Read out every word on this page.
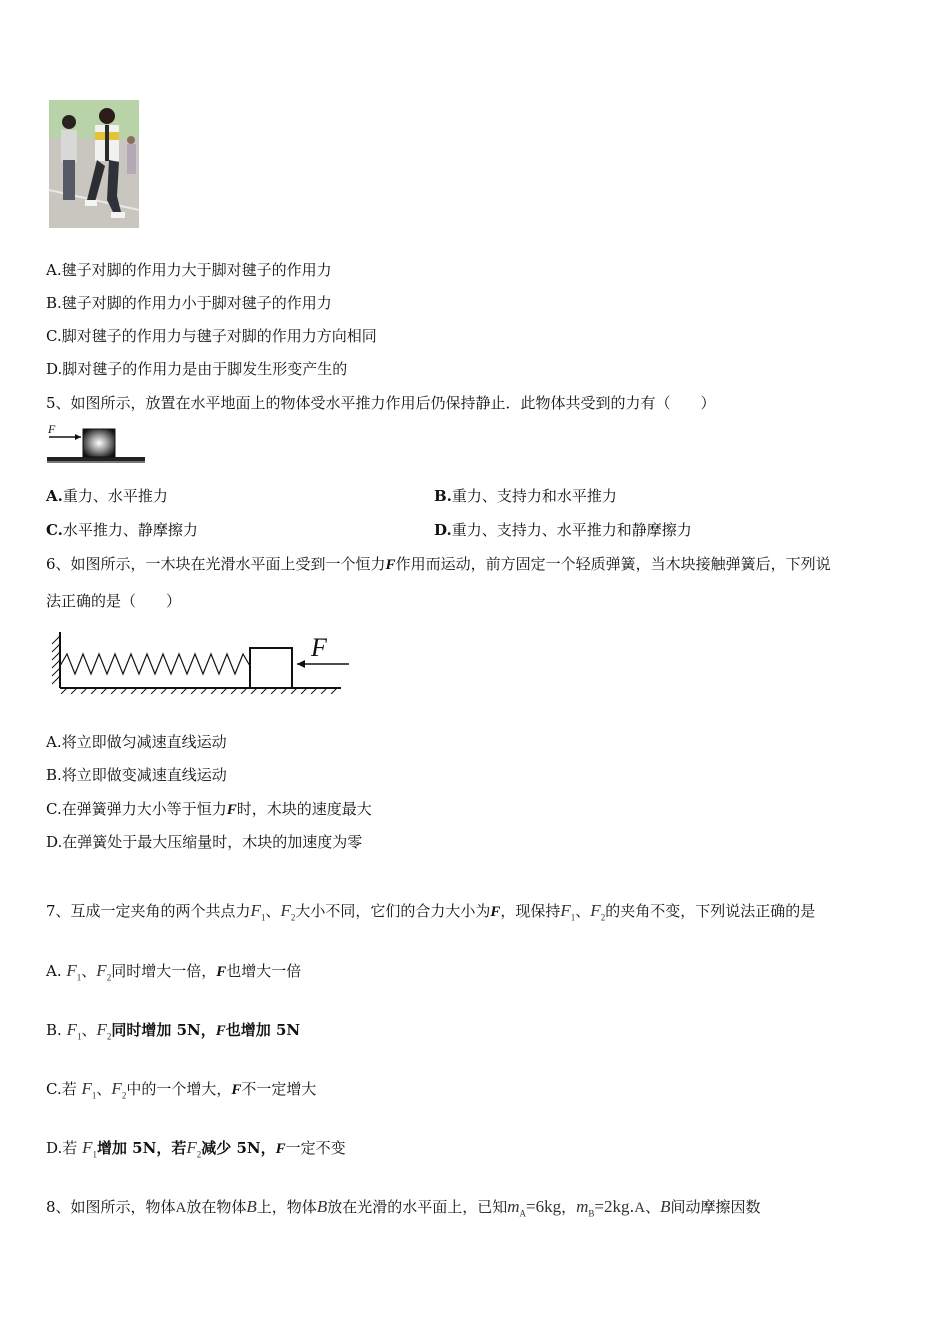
A.毽子对脚的作用力大于脚对毽子的作用力
B.毽子对脚的作用力小于脚对毽子的作用力
C.脚对毽子的作用力与毽子对脚的作用力方向相同
D.脚对毽子的作用力是由于脚发生形变产生的
5、如图所示，放置在水平地面上的物体受水平推力作用后仍保持静止．此物体共受到的力有（　　）
F
A.重力、水平推力	B.重力、支持力和水平推力
C.水平推力、静摩擦力	D.重力、支持力、水平推力和静摩擦力
6、如图所示，一木块在光滑水平面上受到一个恒力F作用而运动，前方固定一个轻质弹簧，当木块接触弹簧后，下列说
法正确的是（　　）
F
A.将立即做匀减速直线运动
B.将立即做变减速直线运动
C.在弹簧弹力大小等于恒力F时，木块的速度最大
D.在弹簧处于最大压缩量时，木块的加速度为零
7、互成一定夹角的两个共点力$F_1$、$F_2$大小不同，它们的合力大小为F，现保持$F_1$、$F_2$的夹角不变，下列说法正确的是
A. $F_1$、$F_2$同时增大一倍，F也增大一倍
B. $F_1$、$F_2$同时增加 5N，F也增加 5N
C.若 $F_1$、$F_2$中的一个增大，F不一定增大
D.若 $F_1$增加 5N，若$F_2$减少 5N，F一定不变
8、如图所示，物体A放在物体B上，物体B放在光滑的水平面上，已知$m_A=6kg$，$m_B=2kg.A$、B间动摩擦因数
